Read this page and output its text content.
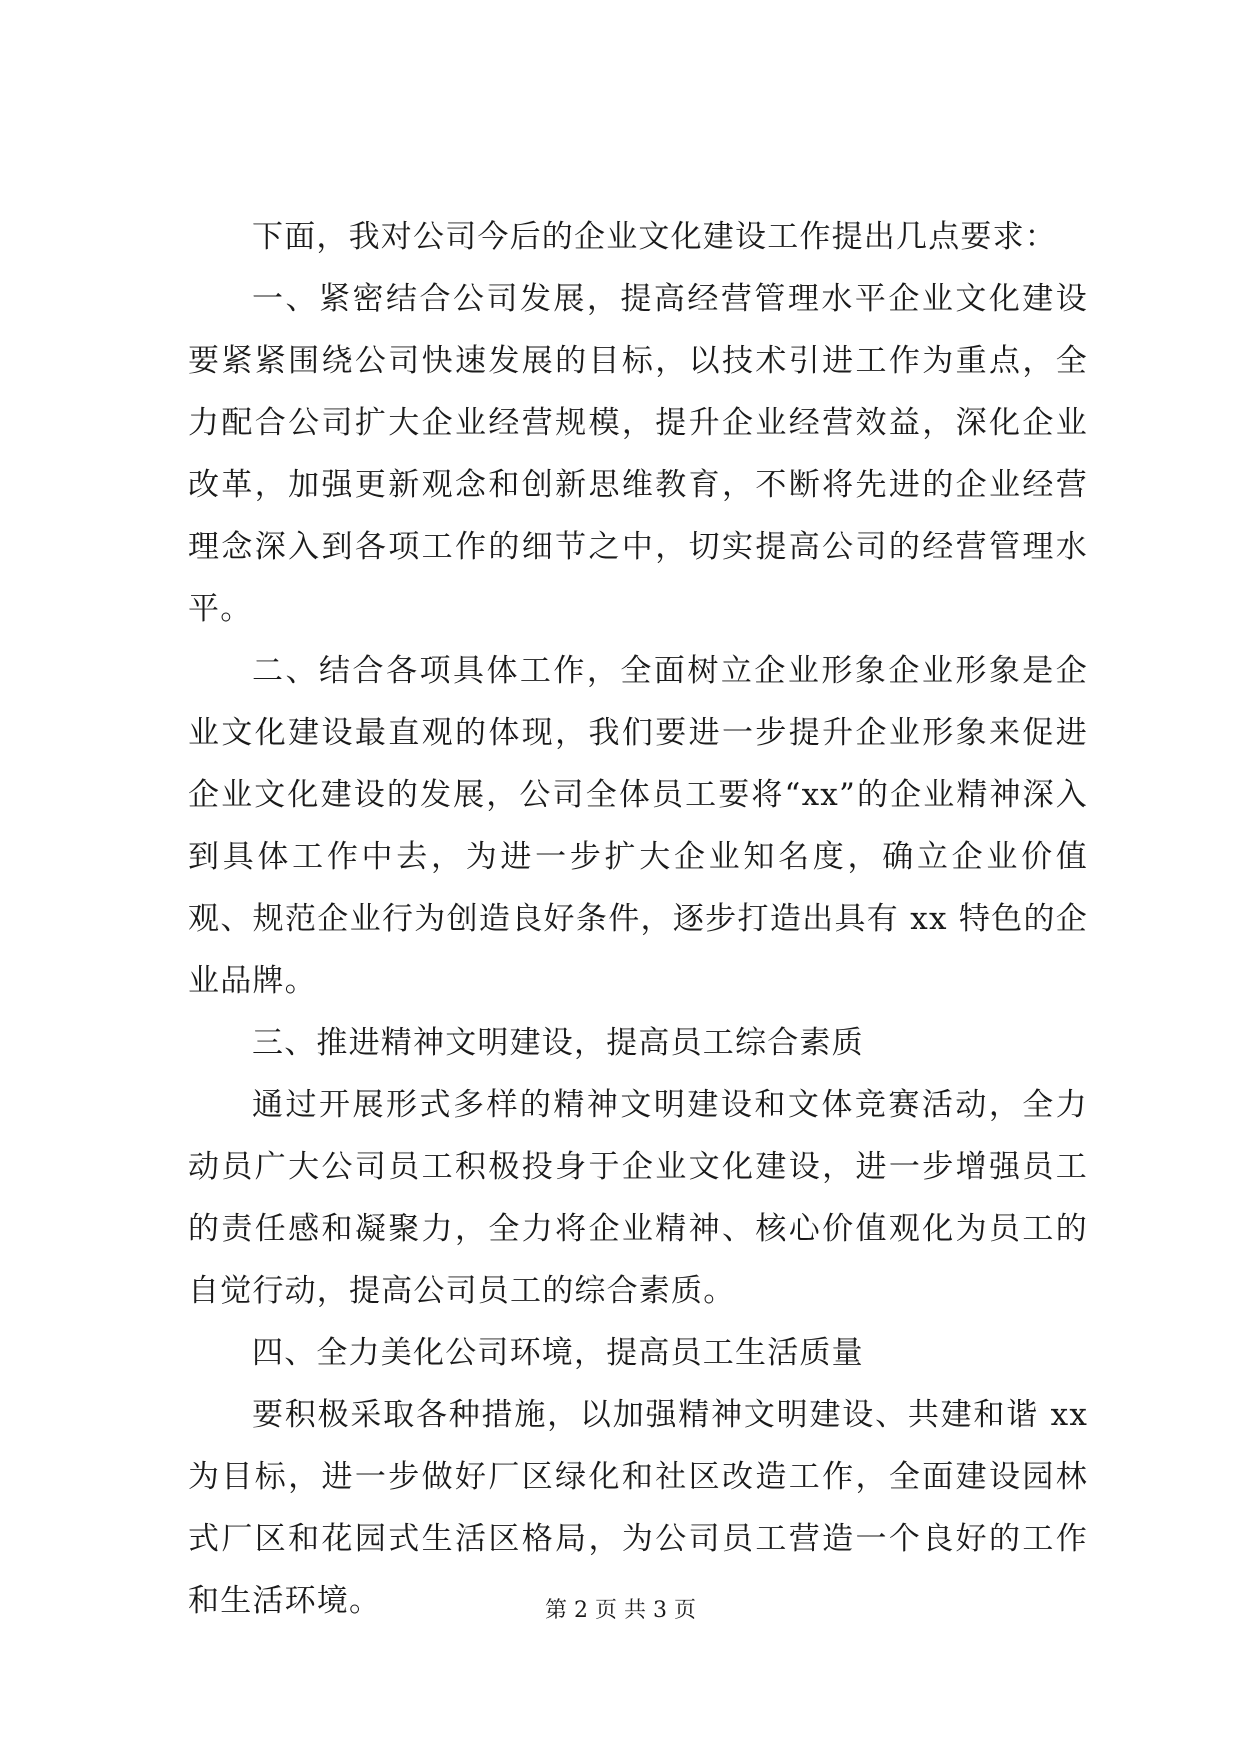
下面，我对公司今后的企业文化建设工作提出几点要求：

一、紧密结合公司发展，提高经营管理水平企业文化建设要紧紧围绕公司快速发展的目标，以技术引进工作为重点，全力配合公司扩大企业经营规模，提升企业经营效益，深化企业改革，加强更新观念和创新思维教育，不断将先进的企业经营理念深入到各项工作的细节之中，切实提高公司的经营管理水平。

二、结合各项具体工作，全面树立企业形象企业形象是企业文化建设最直观的体现，我们要进一步提升企业形象来促进企业文化建设的发展，公司全体员工要将“xx”的企业精神深入到具体工作中去，为进一步扩大企业知名度，确立企业价值观、规范企业行为创造良好条件，逐步打造出具有 xx 特色的企业品牌。

三、推进精神文明建设，提高员工综合素质

通过开展形式多样的精神文明建设和文体竞赛活动，全力动员广大公司员工积极投身于企业文化建设，进一步增强员工的责任感和凝聚力，全力将企业精神、核心价值观化为员工的自觉行动，提高公司员工的综合素质。

四、全力美化公司环境，提高员工生活质量

要积极采取各种措施，以加强精神文明建设、共建和谐 xx为目标，进一步做好厂区绿化和社区改造工作，全面建设园林式厂区和花园式生活区格局，为公司员工营造一个良好的工作和生活环境。	第 2 页 共 3 页
